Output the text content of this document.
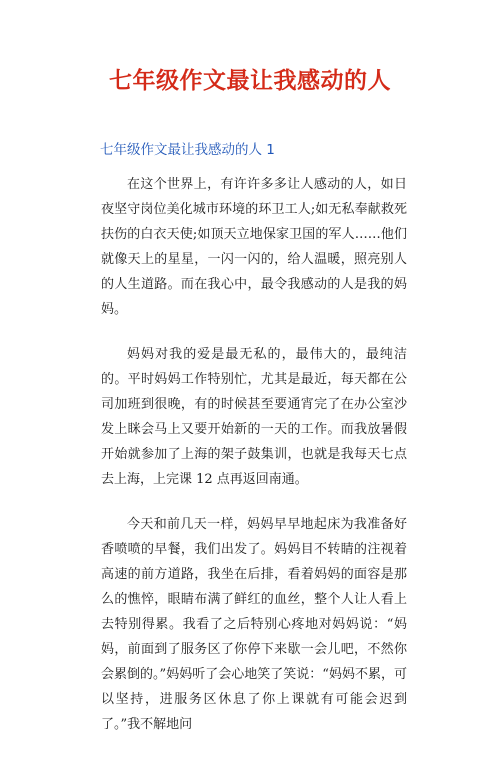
七年级作文最让我感动的人
七年级作文最让我感动的人 1

在这个世界上，有许许多多让人感动的人，如日夜坚守岗位美化城市环境的环卫工人;如无私奉献救死扶伤的白衣天使;如顶天立地保家卫国的军人……他们就像天上的星星，一闪一闪的，给人温暖，照亮别人的人生道路。而在我心中，最令我感动的人是我的妈妈。

妈妈对我的爱是最无私的，最伟大的，最纯洁的。平时妈妈工作特别忙，尤其是最近，每天都在公司加班到很晚，有的时候甚至要通宵完了在办公室沙发上眯会马上又要开始新的一天的工作。而我放暑假开始就参加了上海的架子鼓集训，也就是我每天七点去上海，上完课 12 点再返回南通。

今天和前几天一样，妈妈早早地起床为我准备好香喷喷的早餐，我们出发了。妈妈目不转睛的注视着高速的前方道路，我坐在后排，看着妈妈的面容是那么的憔悴，眼睛布满了鲜红的血丝，整个人让人看上去特别得累。我看了之后特别心疼地对妈妈说：“妈妈，前面到了服务区了你停下来歇一会儿吧，不然你会累倒的。”妈妈听了会心地笑了笑说：“妈妈不累，可以坚持，进服务区休息了你上课就有可能会迟到了。”我不解地问
